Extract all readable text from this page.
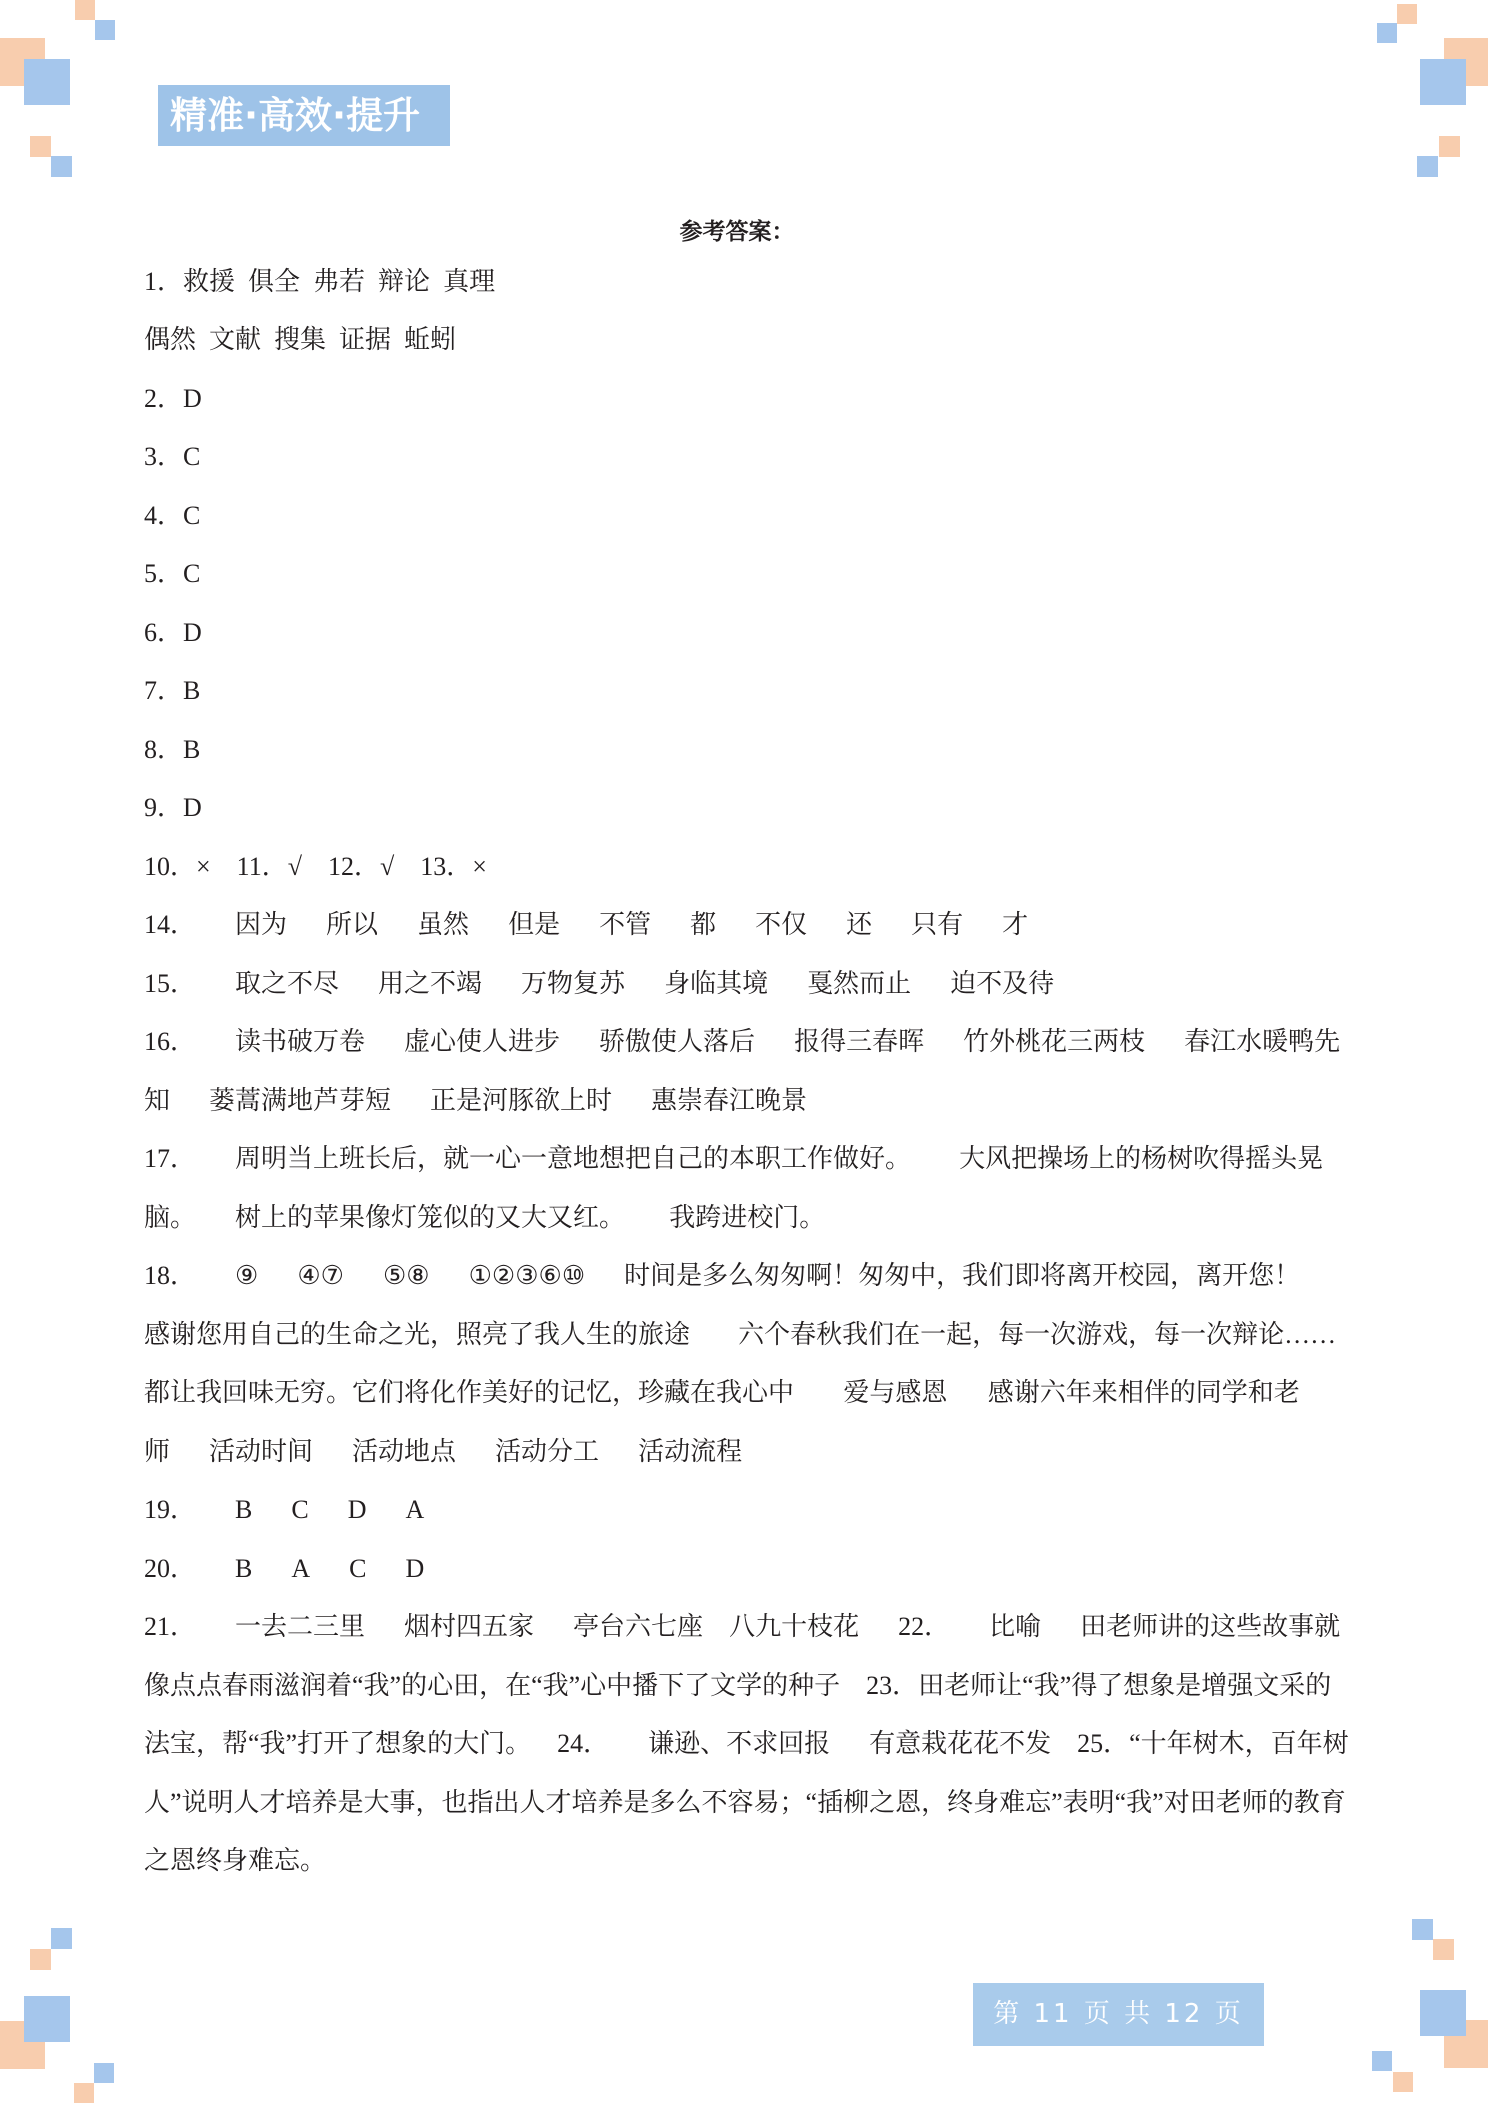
精准·高效·提升
参考答案：
1．救援 俱全 弗若 辩论 真理
偶然 文献 搜集 证据 蚯蚓
2．D
3．C
4．C
5．C
6．D
7．B
8．B
9．D
10．× 11．√ 12．√ 13．×
14． 因为 所以 虽然 但是 不管 都 不仅 还 只有 才
15． 取之不尽 用之不竭 万物复苏 身临其境 戛然而止 迫不及待
16． 读书破万卷 虚心使人进步 骄傲使人落后 报得三春晖 竹外桃花三两枝 春江水暖鸭先
知 蒌蒿满地芦芽短 正是河豚欲上时 惠崇春江晚景
17． 周明当上班长后，就一心一意地想把自己的本职工作做好。 大风把操场上的杨树吹得摇头晃
脑。 树上的苹果像灯笼似的又大又红。 我跨进校门。
18． ⑨ ④⑦ ⑤⑧ ①②③⑥⑩ 时间是多么匆匆啊！匆匆中，我们即将离开校园，离开您！
感谢您用自己的生命之光，照亮了我人生的旅途 六个春秋我们在一起，每一次游戏，每一次辩论……
都让我回味无穷。它们将化作美好的记忆，珍藏在我心中 爱与感恩 感谢六年来相伴的同学和老
师 活动时间 活动地点 活动分工 活动流程
19． B C D A
20． B A C D
21． 一去二三里 烟村四五家 亭台六七座 八九十枝花 22． 比喻 田老师讲的这些故事就
像点点春雨滋润着“我”的心田，在“我”心中播下了文学的种子 23．田老师让“我”得了想象是增强文采的
法宝，帮“我”打开了想象的大门。 24． 谦逊、不求回报 有意栽花花不发 25．“十年树木，百年树
人”说明人才培养是大事，也指出人才培养是多么不容易；“插柳之恩，终身难忘”表明“我”对田老师的教育
之恩终身难忘。
第 11 页 共 12 页
